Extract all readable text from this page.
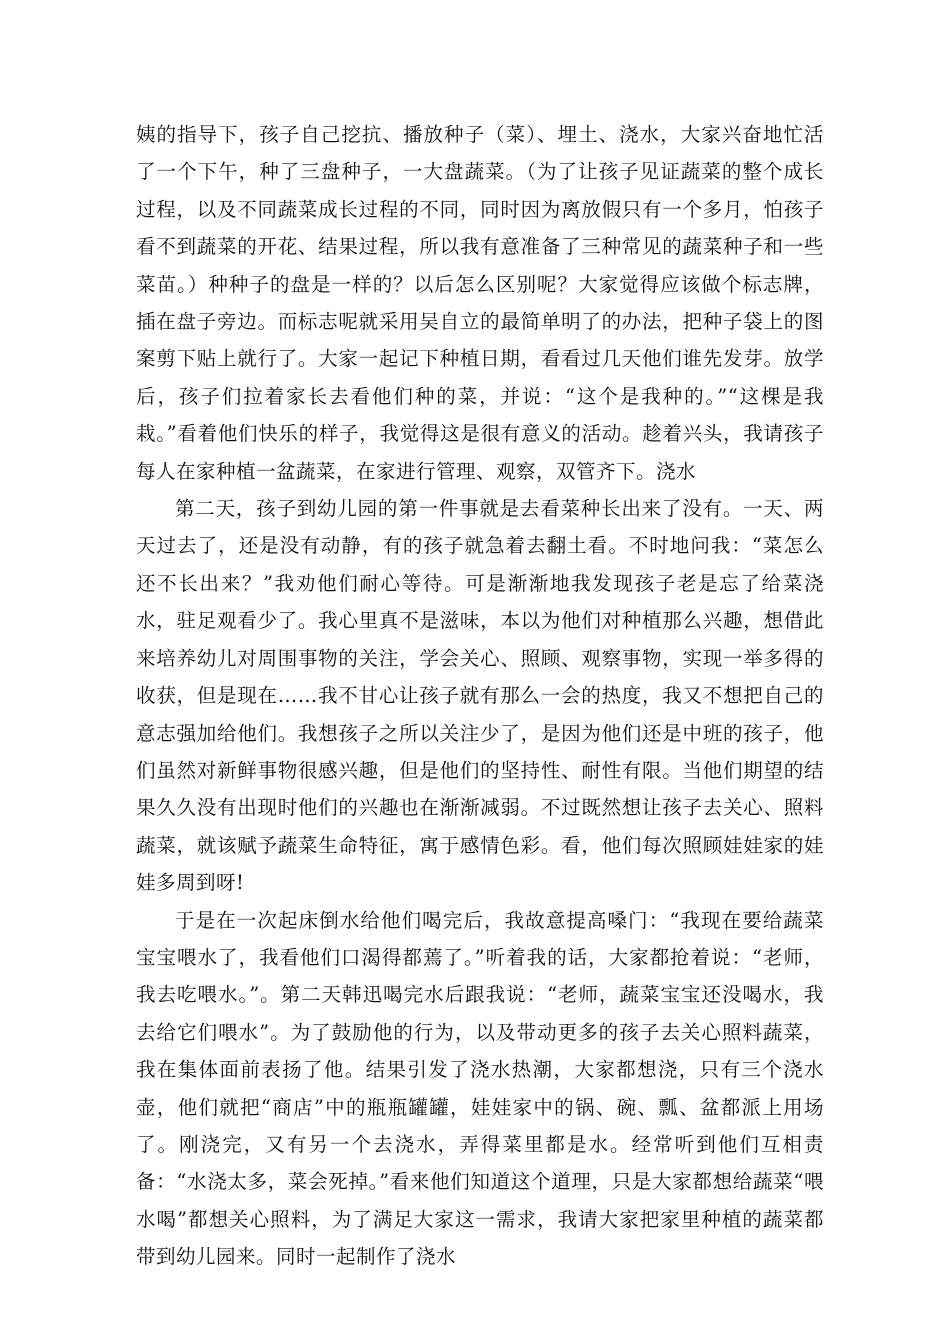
姨的指导下，孩子自己挖抗、播放种子（菜）、埋土、浇水，大家兴奋地忙活了一个下午，种了三盘种子，一大盘蔬菜。（为了让孩子见证蔬菜的整个成长过程，以及不同蔬菜成长过程的不同，同时因为离放假只有一个多月，怕孩子看不到蔬菜的开花、结果过程，所以我有意准备了三种常见的蔬菜种子和一些菜苗。）种种子的盘是一样的？以后怎么区别呢？大家觉得应该做个标志牌，插在盘子旁边。而标志呢就采用吴自立的最简单明了的办法，把种子袋上的图案剪下贴上就行了。大家一起记下种植日期，看看过几天他们谁先发芽。放学后，孩子们拉着家长去看他们种的菜，并说：“这个是我种的。”“这棵是我栽。”看着他们快乐的样子，我觉得这是很有意义的活动。趁着兴头，我请孩子每人在家种植一盆蔬菜，在家进行管理、观察，双管齐下。浇水

第二天，孩子到幼儿园的第一件事就是去看菜种长出来了没有。一天、两天过去了，还是没有动静，有的孩子就急着去翻土看。不时地问我：“菜怎么还不长出来？”我劝他们耐心等待。可是渐渐地我发现孩子老是忘了给菜浇水，驻足观看少了。我心里真不是滋味，本以为他们对种植那么兴趣，想借此来培养幼儿对周围事物的关注，学会关心、照顾、观察事物，实现一举多得的收获，但是现在……我不甘心让孩子就有那么一会的热度，我又不想把自己的意志强加给他们。我想孩子之所以关注少了，是因为他们还是中班的孩子，他们虽然对新鲜事物很感兴趣，但是他们的坚持性、耐性有限。当他们期望的结果久久没有出现时他们的兴趣也在渐渐减弱。不过既然想让孩子去关心、照料蔬菜，就该赋予蔬菜生命特征，寓于感情色彩。看，他们每次照顾娃娃家的娃娃多周到呀!

于是在一次起床倒水给他们喝完后，我故意提高嗓门：“我现在要给蔬菜宝宝喂水了，我看他们口渴得都蔫了。”听着我的话，大家都抢着说：“老师，我去吃喂水。”。第二天韩迅喝完水后跟我说：“老师，蔬菜宝宝还没喝水，我去给它们喂水”。为了鼓励他的行为，以及带动更多的孩子去关心照料蔬菜，我在集体面前表扬了他。结果引发了浇水热潮，大家都想浇，只有三个浇水壶，他们就把“商店”中的瓶瓶罐罐，娃娃家中的锅、碗、瓢、盆都派上用场了。刚浇完，又有另一个去浇水，弄得菜里都是水。经常听到他们互相责备：“水浇太多，菜会死掉。”看来他们知道这个道理，只是大家都想给蔬菜“喂水喝”都想关心照料，为了满足大家这一需求，我请大家把家里种植的蔬菜都带到幼儿园来。同时一起制作了浇水
